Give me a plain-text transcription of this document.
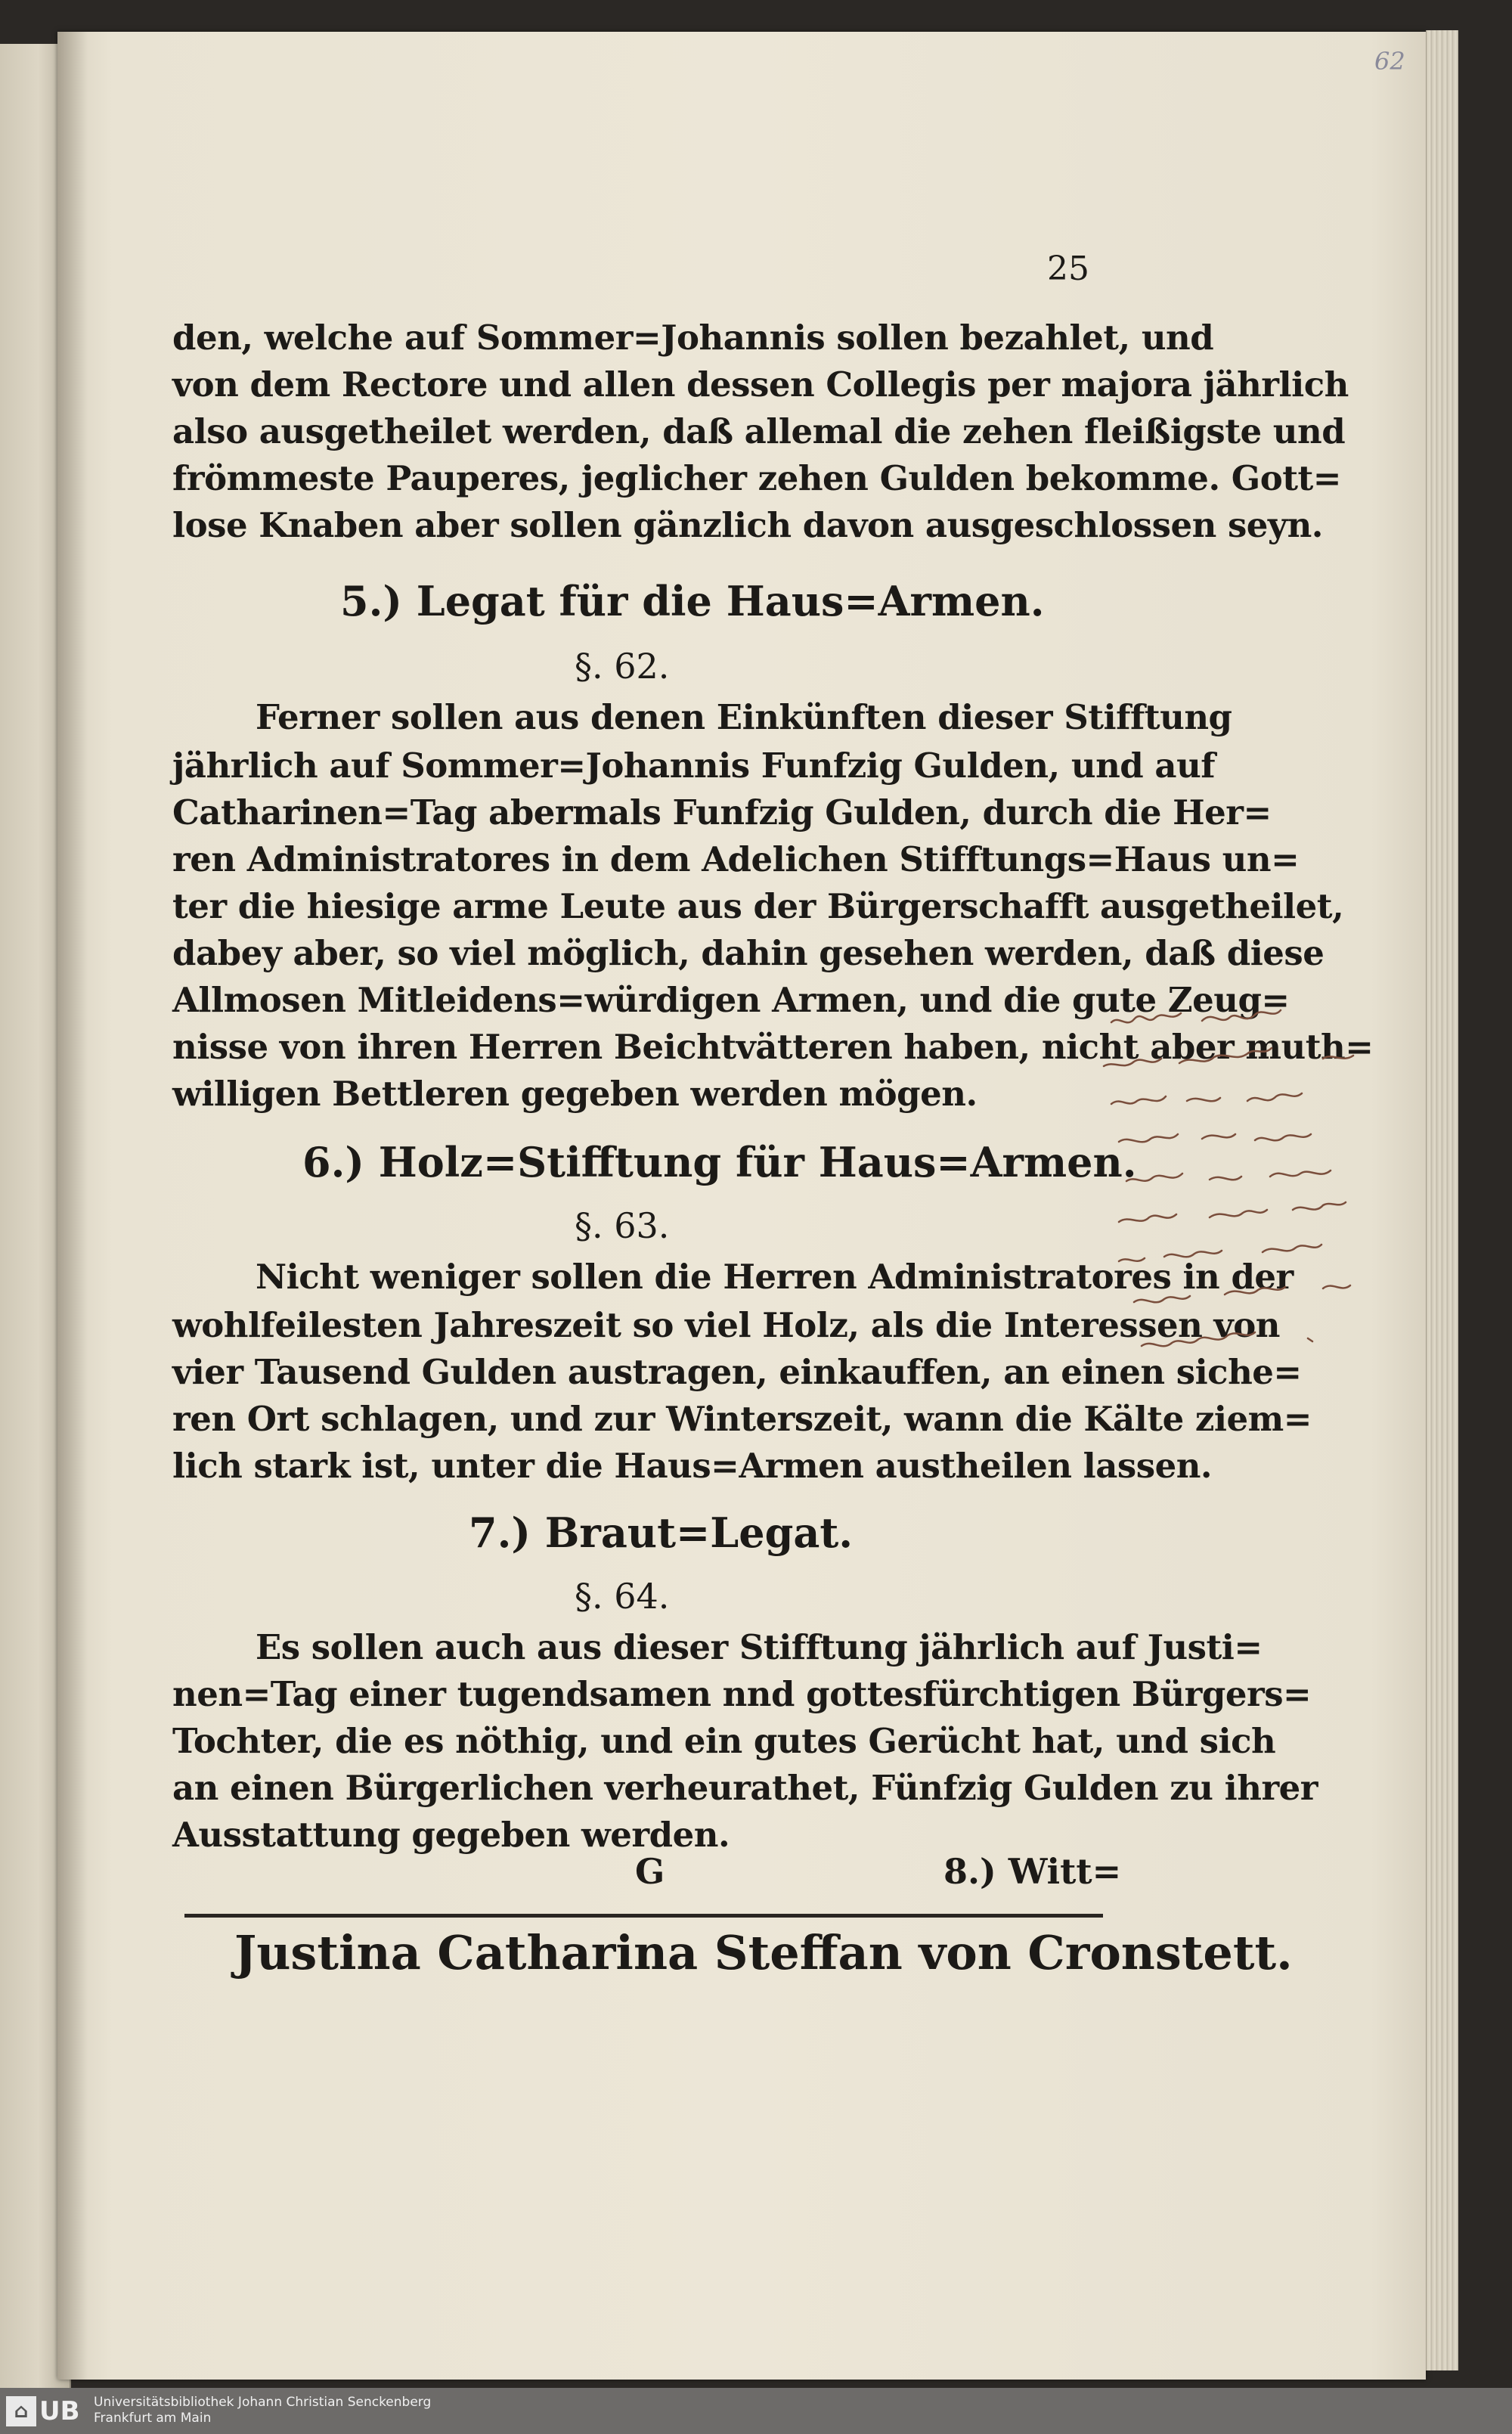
62
25
den, welche auf Sommer=Johannis sollen bezahlet, und
von dem Rectore und allen dessen Collegis per majora jährlich
also ausgetheilet werden, daß allemal die zehen fleißigste und
frömmeste Pauperes, jeglicher zehen Gulden bekomme. Gott=
lose Knaben aber sollen gänzlich davon ausgeschlossen seyn.
5.) Legat für die Haus=Armen.
§. 62.
Ferner sollen aus denen Einkünften dieser Stifftung
jährlich auf Sommer=Johannis Funfzig Gulden, und auf
Catharinen=Tag abermals Funfzig Gulden, durch die Her=
ren Administratores in dem Adelichen Stifftungs=Haus un=
ter die hiesige arme Leute aus der Bürgerschafft ausgetheilet,
dabey aber, so viel möglich, dahin gesehen werden, daß diese
Allmosen Mitleidens=würdigen Armen, und die gute Zeug=
nisse von ihren Herren Beichtvätteren haben, nicht aber muth=
willigen Bettleren gegeben werden mögen.
6.) Holz=Stifftung für Haus=Armen.
§. 63.
Nicht weniger sollen die Herren Administratores in der
wohlfeilesten Jahreszeit so viel Holz, als die Interessen von
vier Tausend Gulden austragen, einkauffen, an einen siche=
ren Ort schlagen, und zur Winterszeit, wann die Kälte ziem=
lich stark ist, unter die Haus=Armen austheilen lassen.
7.) Braut=Legat.
§. 64.
Es sollen auch aus dieser Stifftung jährlich auf Justi=
nen=Tag einer tugendsamen nnd gottesfürchtigen Bürgers=
Tochter, die es nöthig, und ein gutes Gerücht hat, und sich
an einen Bürgerlichen verheurathet, Fünfzig Gulden zu ihrer
Ausstattung gegeben werden.
G	8.) Witt=
Justina Catharina Steffan von Cronstett.
⌂ UB Universitätsbibliothek Johann Christian Senckenberg
Frankfurt am Main
